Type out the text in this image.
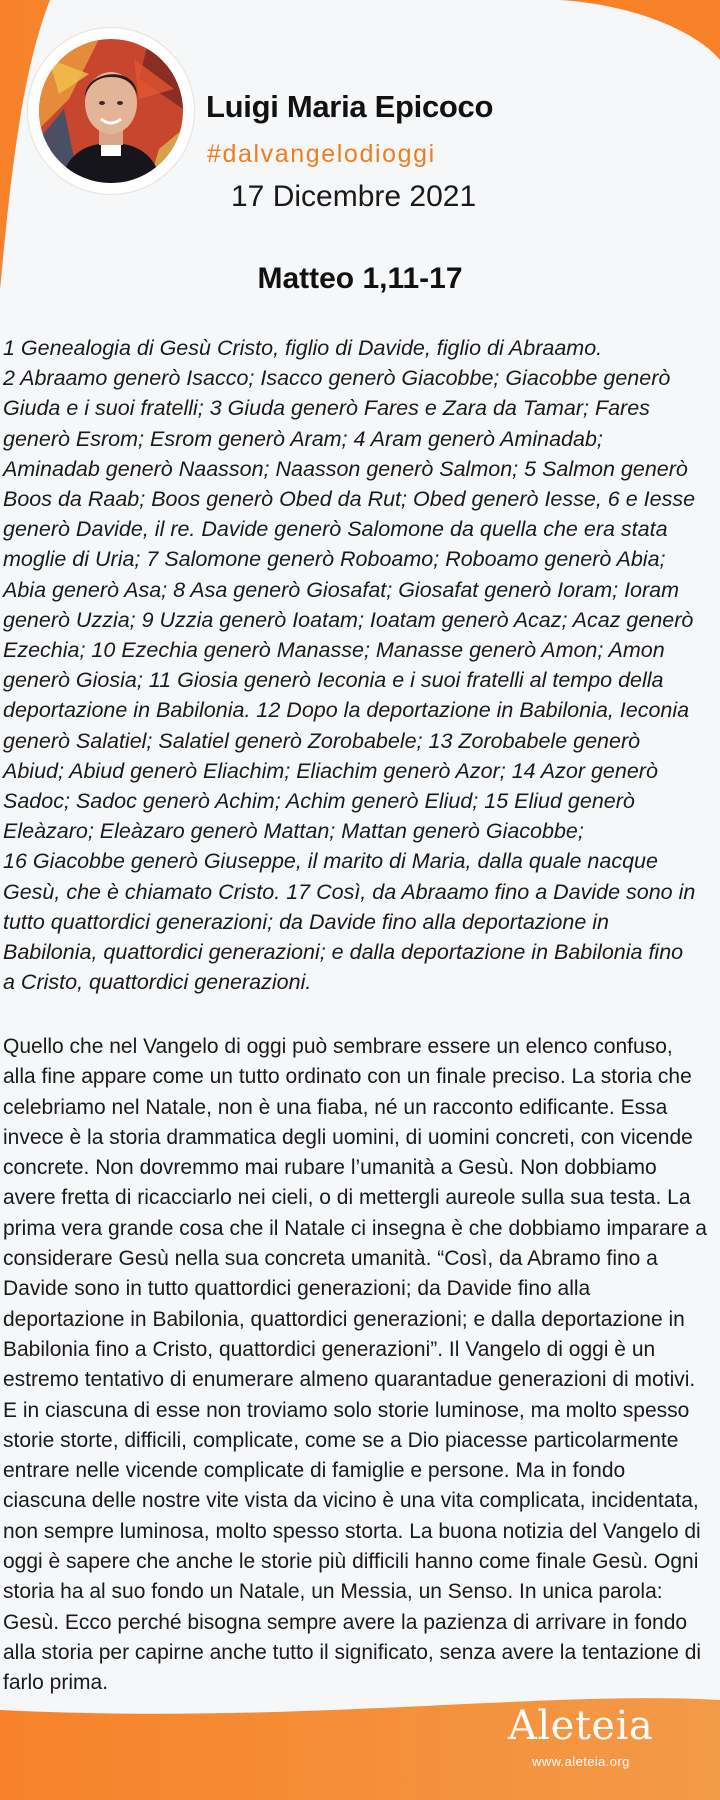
Luigi Maria Epicoco
#dalvangelodioggi
17 Dicembre 2021
Matteo 1,11-17

1 Genealogia di Gesù Cristo, figlio di Davide, figlio di Abraamo.
2 Abraamo generò Isacco; Isacco generò Giacobbe; Giacobbe generò
Giuda e i suoi fratelli; 3 Giuda generò Fares e Zara da Tamar; Fares
generò Esrom; Esrom generò Aram; 4 Aram generò Aminadab;
Aminadab generò Naasson; Naasson generò Salmon; 5 Salmon generò
Boos da Raab; Boos generò Obed da Rut; Obed generò Iesse, 6 e Iesse
generò Davide, il re. Davide generò Salomone da quella che era stata
moglie di Uria; 7 Salomone generò Roboamo; Roboamo generò Abia;
Abia generò Asa; 8 Asa generò Giosafat; Giosafat generò Ioram; Ioram
generò Uzzia; 9 Uzzia generò Ioatam; Ioatam generò Acaz; Acaz generò
Ezechia; 10 Ezechia generò Manasse; Manasse generò Amon; Amon
generò Giosia; 11 Giosia generò Ieconia e i suoi fratelli al tempo della
deportazione in Babilonia. 12 Dopo la deportazione in Babilonia, Ieconia
generò Salatiel; Salatiel generò Zorobabele; 13 Zorobabele generò
Abiud; Abiud generò Eliachim; Eliachim generò Azor; 14 Azor generò
Sadoc; Sadoc generò Achim; Achim generò Eliud; 15 Eliud generò
Eleàzaro; Eleàzaro generò Mattan; Mattan generò Giacobbe;
16 Giacobbe generò Giuseppe, il marito di Maria, dalla quale nacque
Gesù, che è chiamato Cristo. 17 Così, da Abraamo fino a Davide sono in
tutto quattordici generazioni; da Davide fino alla deportazione in
Babilonia, quattordici generazioni; e dalla deportazione in Babilonia fino
a Cristo, quattordici generazioni.

Quello che nel Vangelo di oggi può sembrare essere un elenco confuso,
alla fine appare come un tutto ordinato con un finale preciso. La storia che
celebriamo nel Natale, non è una fiaba, né un racconto edificante. Essa
invece è la storia drammatica degli uomini, di uomini concreti, con vicende
concrete. Non dovremmo mai rubare l’umanità a Gesù. Non dobbiamo
avere fretta di ricacciarlo nei cieli, o di mettergli aureole sulla sua testa. La
prima vera grande cosa che il Natale ci insegna è che dobbiamo imparare a
considerare Gesù nella sua concreta umanità. “Così, da Abramo fino a
Davide sono in tutto quattordici generazioni; da Davide fino alla
deportazione in Babilonia, quattordici generazioni; e dalla deportazione in
Babilonia fino a Cristo, quattordici generazioni”. Il Vangelo di oggi è un
estremo tentativo di enumerare almeno quarantadue generazioni di motivi.
E in ciascuna di esse non troviamo solo storie luminose, ma molto spesso
storie storte, difficili, complicate, come se a Dio piacesse particolarmente
entrare nelle vicende complicate di famiglie e persone. Ma in fondo
ciascuna delle nostre vite vista da vicino è una vita complicata, incidentata,
non sempre luminosa, molto spesso storta. La buona notizia del Vangelo di
oggi è sapere che anche le storie più difficili hanno come finale Gesù. Ogni
storia ha al suo fondo un Natale, un Messia, un Senso. In unica parola:
Gesù. Ecco perché bisogna sempre avere la pazienza di arrivare in fondo
alla storia per capirne anche tutto il significato, senza avere la tentazione di
farlo prima.

Aleteia
www.aleteia.org
